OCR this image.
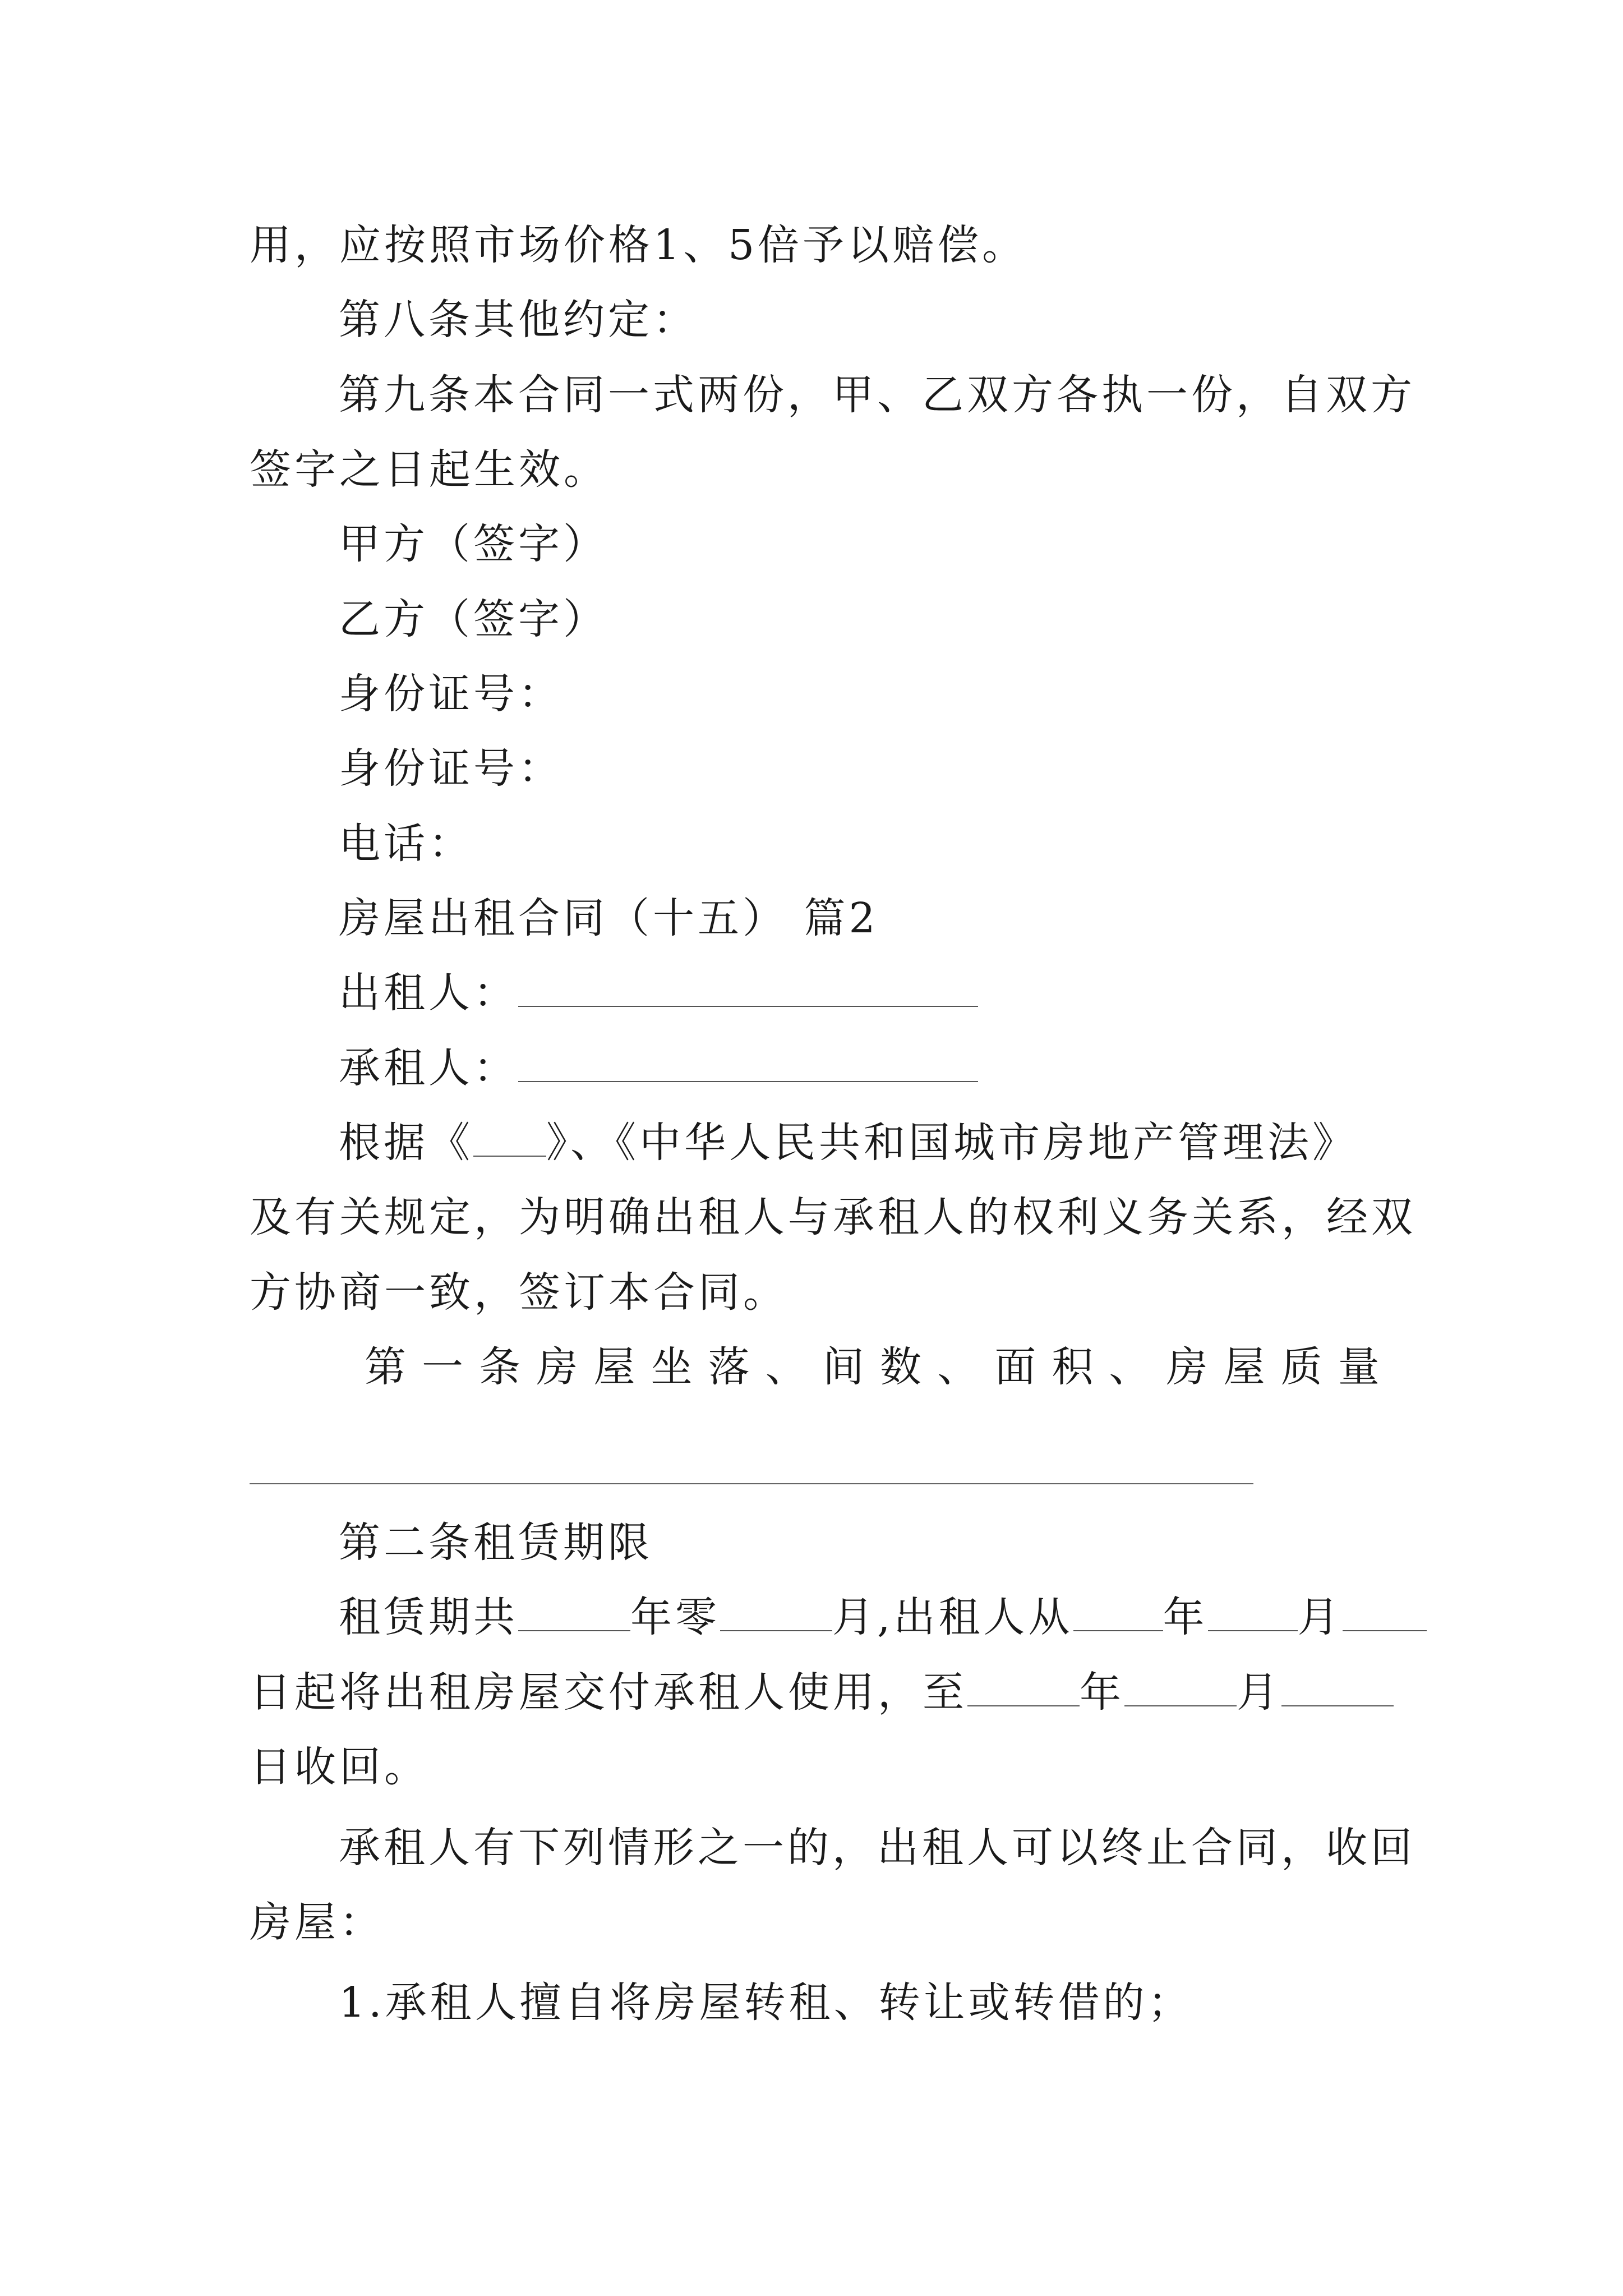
用，应按照市场价格1、5倍予以赔偿。
第八条其他约定：
第九条本合同一式两份，甲、乙双方各执一份，自双方
签字之日起生效。
甲方（签字）
乙方（签字）
身份证号：
身份证号：
电话：
房屋出租合同（十五） 篇2
出租人：
承租人：
根据《 》、《中华人民共和国城市房地产管理法》
及有关规定，为明确出租人与承租人的权利义务关系，经双
方协商一致，签订本合同。
第 一 条 房 屋 坐 落 、 间 数 、 面 积 、 房 屋 质 量
第二条租赁期限
租赁期共	年零	月,出租人从 年 月
日起将出租房屋交付承租人使用，至	年	月
日收回。
承租人有下列情形之一的，出租人可以终止合同，收回
房屋：
1.承租人擅自将房屋转租、转让或转借的；
